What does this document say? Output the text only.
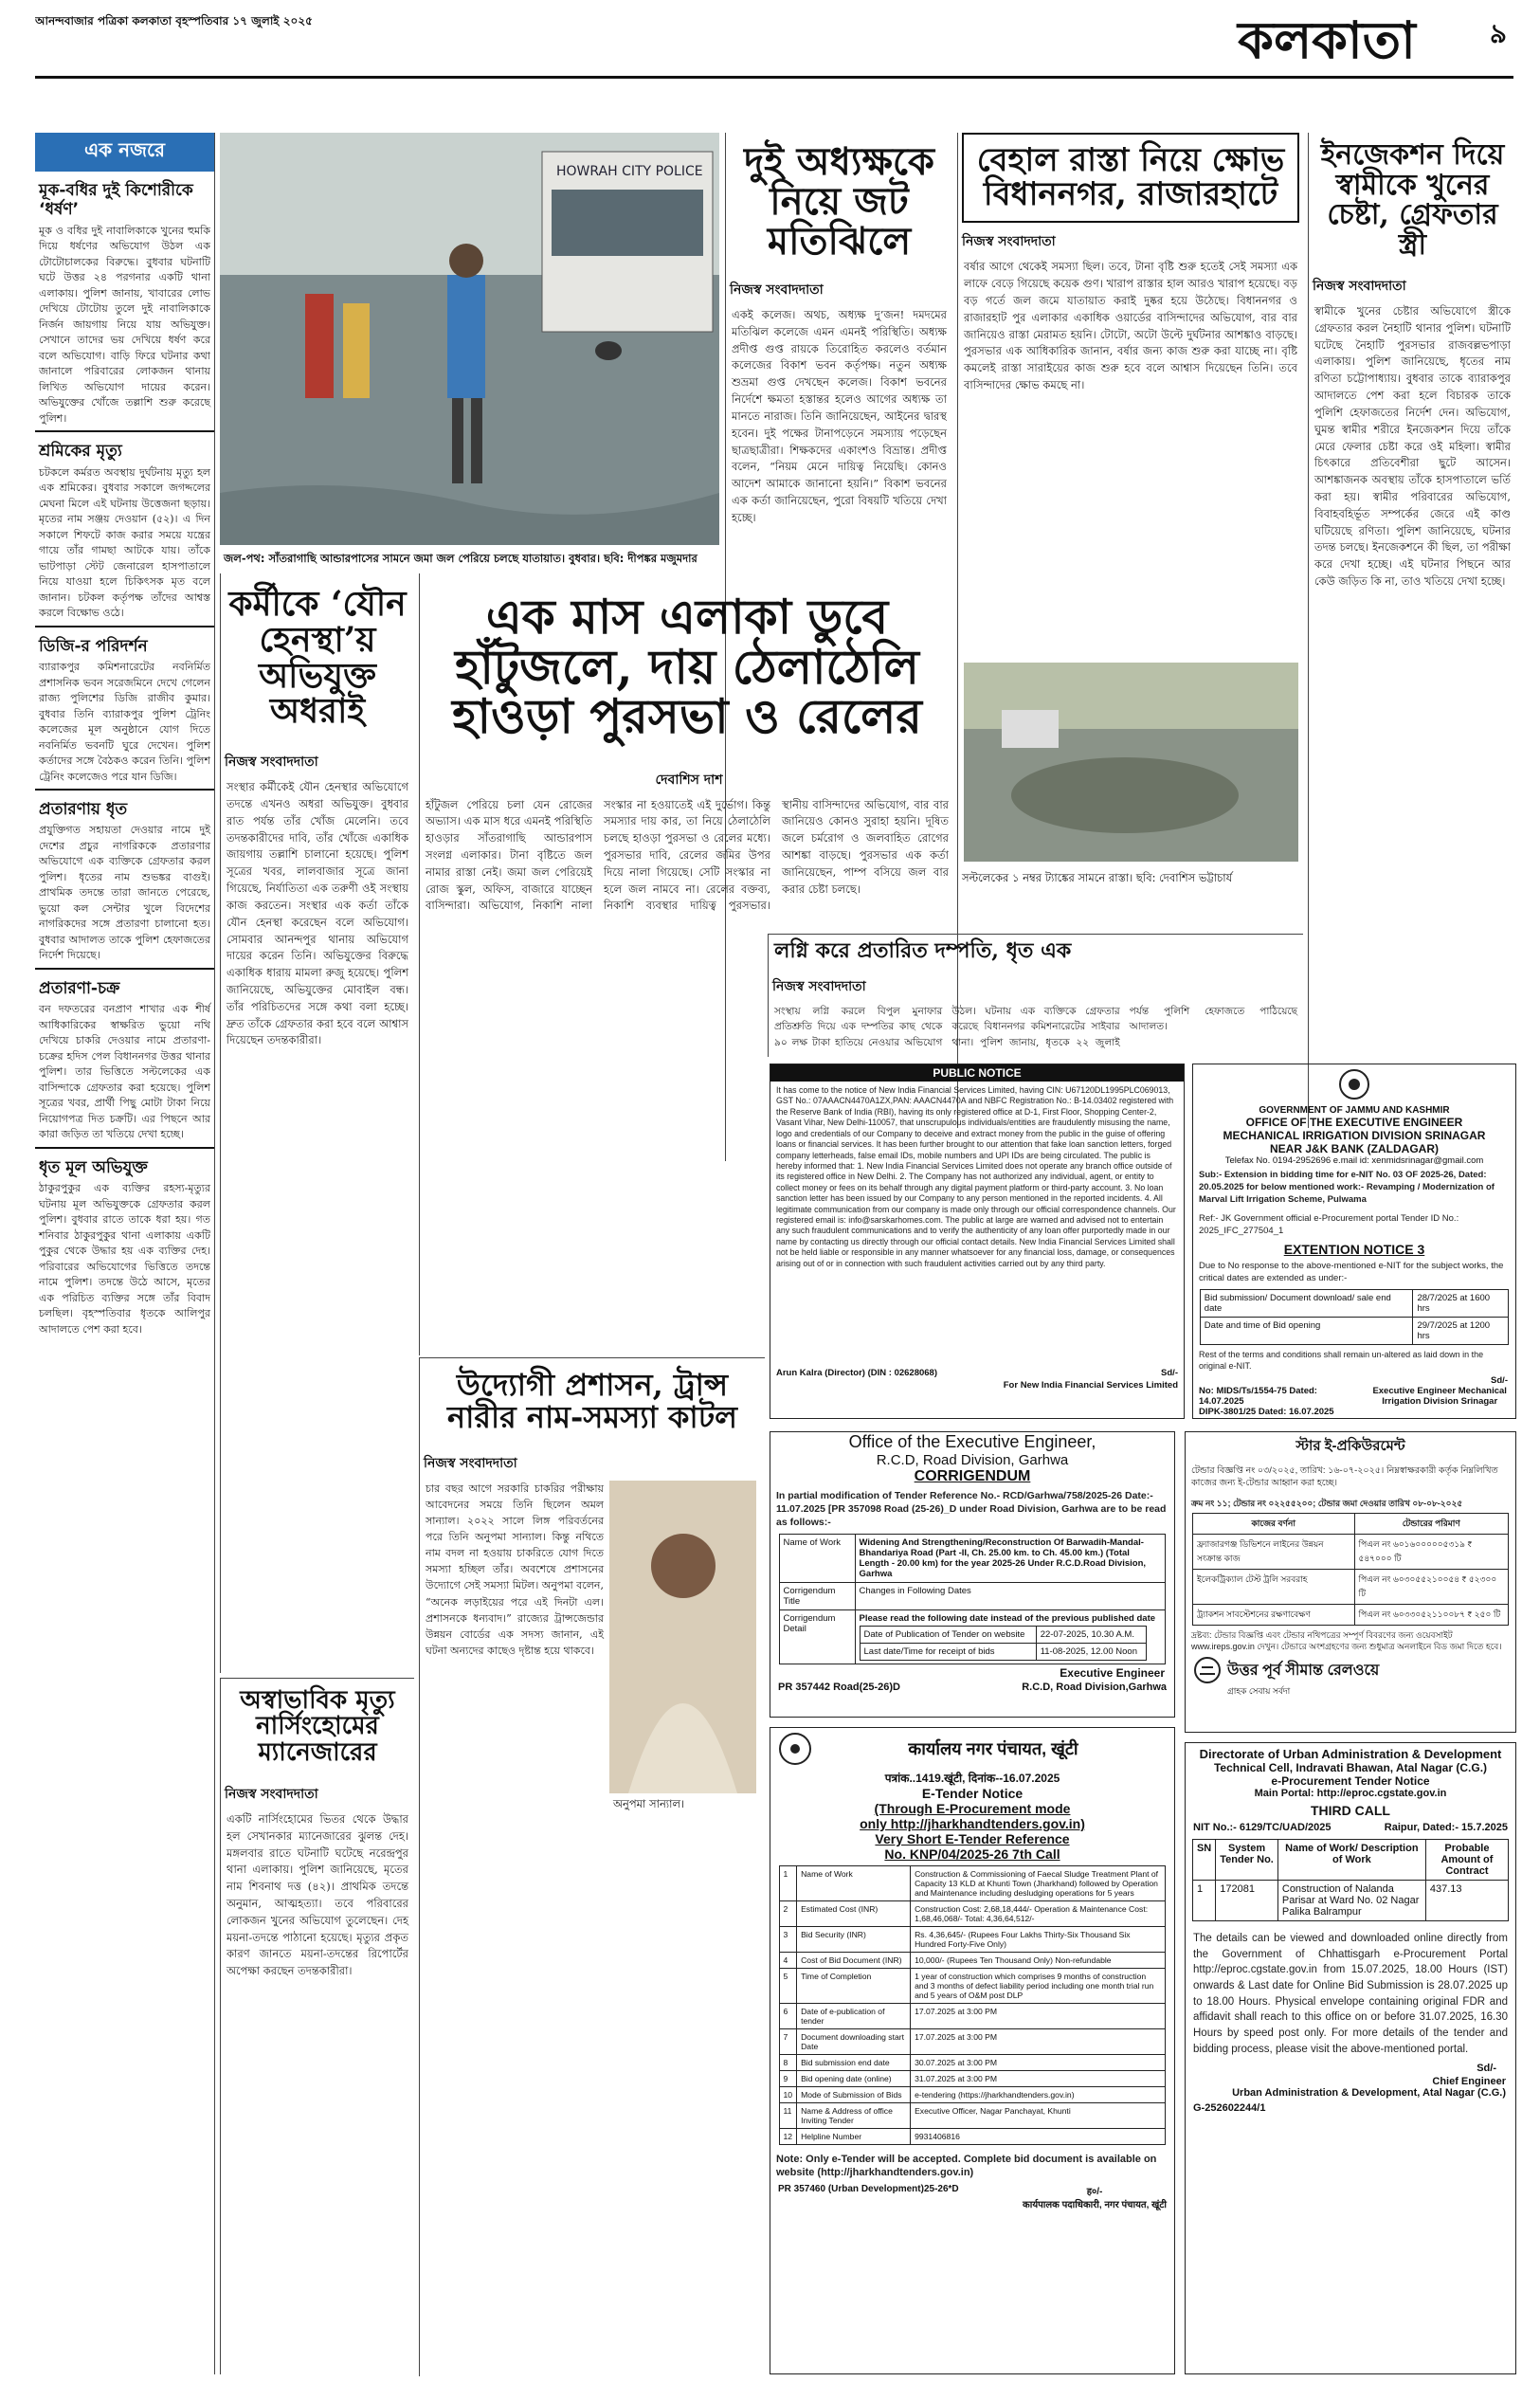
আনন্দবাজার পত্রিকা কলকাতা বৃহস্পতিবার ১৭ জুলাই ২০২৫	কলকাতা	৯
এক নজরে
মূক-বধির দুই কিশোরীকে ‘ধর্ষণ’
মূক ও বধির দুই নাবালিকাকে খুনের হুমকি দিয়ে ধর্ষণের অভিযোগ উঠল এক টোটোচালকের বিরুদ্ধে। বুধবার ঘটনাটি ঘটে উত্তর ২৪ পরগনার একটি থানা এলাকায়। পুলিশ জানায়, খাবারের লোভ দেখিয়ে টোটোয় তুলে দুই নাবালিকাকে নির্জন জায়গায় নিয়ে যায় অভিযুক্ত। সেখানে তাদের ভয় দেখিয়ে ধর্ষণ করে বলে অভিযোগ। বাড়ি ফিরে ঘটনার কথা জানালে পরিবারের লোকজন থানায় লিখিত অভিযোগ দায়ের করেন। অভিযুক্তের খোঁজে তল্লাশি শুরু করেছে পুলিশ।
শ্রমিকের মৃত্যু
চটকলে কর্মরত অবস্থায় দুর্ঘটনায় মৃত্যু হল এক শ্রমিকের। বুধবার সকালে জগদ্দলের মেঘনা মিলে এই ঘটনায় উত্তেজনা ছড়ায়। মৃতের নাম সঞ্জয় দেওয়ান (৫২)। এ দিন সকালে শিফটে কাজ করার সময়ে যন্ত্রের গায়ে তাঁর গামছা আটকে যায়। তাঁকে ভাটপাড়া স্টেট জেনারেল হাসপাতালে নিয়ে যাওয়া হলে চিকিৎসক মৃত বলে জানান। চটকল কর্তৃপক্ষ তাঁদের আশ্বস্ত করলে বিক্ষোভ ওঠে।
ডিজি-র পরিদর্শন
ব্যারাকপুর কমিশনারেটের নবনির্মিত প্রশাসনিক ভবন সরেজমিনে দেখে গেলেন রাজ্য পুলিশের ডিজি রাজীব কুমার। বুধবার তিনি ব্যারাকপুর পুলিশ ট্রেনিং কলেজের মূল অনুষ্ঠানে যোগ দিতে নবনির্মিত ভবনটি ঘুরে দেখেন। পুলিশ কর্তাদের সঙ্গে বৈঠকও করেন তিনি। পুলিশ ট্রেনিং কলেজেও পরে যান ডিজি।
প্রতারণায় ধৃত
প্রযুক্তিগত সহায়তা দেওয়ার নামে দুই দেশের প্রচুর নাগরিককে প্রতারণার অভিযোগে এক ব্যক্তিকে গ্রেফতার করল পুলিশ। ধৃতের নাম শুভঙ্কর বাগুই। প্রাথমিক তদন্তে তারা জানতে পেরেছে, ভুয়ো কল সেন্টার খুলে বিদেশের নাগরিকদের সঙ্গে প্রতারণা চালানো হত। বুধবার আদালত তাকে পুলিশ হেফাজতের নির্দেশ দিয়েছে।
প্রতারণা-চক্র
বন দফতরের বনপ্রাণ শাখার এক শীর্ষ আধিকারিকের স্বাক্ষরিত ভুয়ো নথি দেখিয়ে চাকরি দেওয়ার নামে প্রতারণা-চক্রের হদিস পেল বিধাননগর উত্তর থানার পুলিশ। তার ভিত্তিতে সল্টলেকের এক বাসিন্দাকে গ্রেফতার করা হয়েছে। পুলিশ সূত্রের খবর, প্রার্থী পিছু মোটা টাকা নিয়ে নিয়োগপত্র দিত চক্রটি। এর পিছনে আর কারা জড়িত তা খতিয়ে দেখা হচ্ছে।
ধৃত মূল অভিযুক্ত
ঠাকুরপুকুর এক ব্যক্তির রহস্য-মৃত্যুর ঘটনায় মূল অভিযুক্তকে গ্রেফতার করল পুলিশ। বুধবার রাতে তাকে ধরা হয়। গত শনিবার ঠাকুরপুকুর থানা এলাকায় একটি পুকুর থেকে উদ্ধার হয় এক ব্যক্তির দেহ। পরিবারের অভিযোগের ভিত্তিতে তদন্তে নামে পুলিশ। তদন্তে উঠে আসে, মৃতের এক পরিচিত ব্যক্তির সঙ্গে তাঁর বিবাদ চলছিল। বৃহস্পতিবার ধৃতকে আলিপুর আদালতে পেশ করা হবে।
HOWRAH CITY POLICE
জল-পথ: সাঁতরাগাছি আন্ডারপাসের সামনে জমা জল পেরিয়ে চলছে যাতায়াত। বুধবার। ছবি: দীপঙ্কর মজুমদার
দুই অধ্যক্ষকে নিয়ে জট মতিঝিলে
নিজস্ব সংবাদদাতা
একই কলেজ। অথচ, অধ্যক্ষ দু’জন! দমদমের মতিঝিল কলেজে এমন এমনই পরিস্থিতি। অধ্যক্ষ প্রদীপ্ত গুপ্ত রায়কে তিরোহিত করলেও বর্তমান কলেজের বিকাশ ভবন কর্তৃপক্ষ। নতুন অধ্যক্ষ শুভ্রমা গুপ্ত দেখছেন কলেজ। বিকাশ ভবনের নির্দেশে ক্ষমতা হস্তান্তর হলেও আগের অধ্যক্ষ তা মানতে নারাজ। তিনি জানিয়েছেন, আইনের দ্বারস্থ হবেন। দুই পক্ষের টানাপড়েনে সমস্যায় পড়েছেন ছাত্রছাত্রীরা। শিক্ষকদের একাংশও বিভ্রান্ত। প্রদীপ্ত বলেন, “নিয়ম মেনে দায়িত্ব নিয়েছি। কোনও আদেশ আমাকে জানানো হয়নি।” বিকাশ ভবনের এক কর্তা জানিয়েছেন, পুরো বিষয়টি খতিয়ে দেখা হচ্ছে।
বেহাল রাস্তা নিয়ে ক্ষোভ বিধাননগর, রাজারহাটে
নিজস্ব সংবাদদাতা
বর্ষার আগে থেকেই সমস্যা ছিল। তবে, টানা বৃষ্টি শুরু হতেই সেই সমস্যা এক লাফে বেড়ে গিয়েছে কয়েক গুণ। খারাপ রাস্তার হাল আরও খারাপ হয়েছে। বড় বড় গর্তে জল জমে যাতায়াত করাই দুষ্কর হয়ে উঠেছে। বিধাননগর ও রাজারহাট পুর এলাকার একাধিক ওয়ার্ডের বাসিন্দাদের অভিযোগ, বার বার জানিয়েও রাস্তা মেরামত হয়নি। টোটো, অটো উল্টে দুর্ঘটনার আশঙ্কাও বাড়ছে। পুরসভার এক আধিকারিক জানান, বর্ষার জন্য কাজ শুরু করা যাচ্ছে না। বৃষ্টি কমলেই রাস্তা সারাইয়ের কাজ শুরু হবে বলে আশ্বাস দিয়েছেন তিনি। তবে বাসিন্দাদের ক্ষোভ কমছে না।
সল্টলেকের ১ নম্বর ট্যাঙ্কের সামনে রাস্তা। ছবি: দেবাশিস ভট্টাচার্য
ইনজেকশন দিয়ে স্বামীকে খুনের চেষ্টা, গ্রেফতার স্ত্রী
নিজস্ব সংবাদদাতা
স্বামীকে খুনের চেষ্টার অভিযোগে স্ত্রীকে গ্রেফতার করল নৈহাটি থানার পুলিশ। ঘটনাটি ঘটেছে নৈহাটি পুরসভার রাজবল্লভপাড়া এলাকায়। পুলিশ জানিয়েছে, ধৃতের নাম রণিতা চট্টোপাধ্যায়। বুধবার তাকে ব্যারাকপুর আদালতে পেশ করা হলে বিচারক তাকে পুলিশি হেফাজতের নির্দেশ দেন। অভিযোগ, ঘুমন্ত স্বামীর শরীরে ইনজেকশন দিয়ে তাঁকে মেরে ফেলার চেষ্টা করে ওই মহিলা। স্বামীর চিৎকারে প্রতিবেশীরা ছুটে আসেন। আশঙ্কাজনক অবস্থায় তাঁকে হাসপাতালে ভর্তি করা হয়। স্বামীর পরিবারের অভিযোগ, বিবাহবহির্ভূত সম্পর্কের জেরে এই কাণ্ড ঘটিয়েছে রণিতা। পুলিশ জানিয়েছে, ঘটনার তদন্ত চলছে। ইনজেকশনে কী ছিল, তা পরীক্ষা করে দেখা হচ্ছে। এই ঘটনার পিছনে আর কেউ জড়িত কি না, তাও খতিয়ে দেখা হচ্ছে।
কর্মীকে ‘যৌন হেনস্থা’য় অভিযুক্ত অধরাই
নিজস্ব সংবাদদাতা
সংস্থার কর্মীকেই যৌন হেনস্থার অভিযোগে তদন্তে এখনও অধরা অভিযুক্ত। বুধবার রাত পর্যন্ত তাঁর খোঁজ মেলেনি। তবে তদন্তকারীদের দাবি, তাঁর খোঁজে একাধিক জায়গায় তল্লাশি চালানো হয়েছে। পুলিশ সূত্রের খবর, লালবাজার সূত্রে জানা গিয়েছে, নির্যাতিতা এক তরুণী ওই সংস্থায় কাজ করতেন। সংস্থার এক কর্তা তাঁকে যৌন হেনস্থা করেছেন বলে অভিযোগ। সোমবার আনন্দপুর থানায় অভিযোগ দায়ের করেন তিনি। অভিযুক্তের বিরুদ্ধে একাধিক ধারায় মামলা রুজু হয়েছে। পুলিশ জানিয়েছে, অভিযুক্তের মোবাইল বন্ধ। তাঁর পরিচিতদের সঙ্গে কথা বলা হচ্ছে। দ্রুত তাঁকে গ্রেফতার করা হবে বলে আশ্বাস দিয়েছেন তদন্তকারীরা।
এক মাস এলাকা ডুবে হাঁটুজলে, দায় ঠেলাঠেলি হাওড়া পুরসভা ও রেলের
দেবাশিস দাশ
হাঁটুজল পেরিয়ে চলা যেন রোজের অভ্যাস। এক মাস ধরে এমনই পরিস্থিতি হাওড়ার সাঁতরাগাছি আন্ডারপাস সংলগ্ন এলাকার। টানা বৃষ্টিতে জল নামার রাস্তা নেই। জমা জল পেরিয়েই রোজ স্কুল, অফিস, বাজারে যাচ্ছেন বাসিন্দারা। অভিযোগ, নিকাশি নালা সংস্কার না হওয়াতেই এই দুর্ভোগ। কিন্তু সমস্যার দায় কার, তা নিয়ে ঠেলাঠেলি চলছে হাওড়া পুরসভা ও রেলের মধ্যে। পুরসভার দাবি, রেলের জমির উপর দিয়ে নালা গিয়েছে। সেটি সংস্কার না হলে জল নামবে না। রেলের বক্তব্য, নিকাশি ব্যবস্থার দায়িত্ব পুরসভার। স্থানীয় বাসিন্দাদের অভিযোগ, বার বার জানিয়েও কোনও সুরাহা হয়নি। দূষিত জলে চর্মরোগ ও জলবাহিত রোগের আশঙ্কা বাড়ছে। পুরসভার এক কর্তা জানিয়েছেন, পাম্প বসিয়ে জল বার করার চেষ্টা চলছে।
লগ্নি করে প্রতারিত দম্পতি, ধৃত এক
নিজস্ব সংবাদদাতা
সংস্থায় লগ্নি করলে বিপুল মুনাফার প্রতিশ্রুতি দিয়ে এক দম্পতির কাছ থেকে ৯০ লক্ষ টাকা হাতিয়ে নেওয়ার অভিযোগ উঠল। ঘটনায় এক ব্যক্তিকে গ্রেফতার করেছে বিধাননগর কমিশনারেটের সাইবার থানা। পুলিশ জানায়, ধৃতকে ২২ জুলাই পর্যন্ত পুলিশি হেফাজতে পাঠিয়েছে আদালত।
উদ্যোগী প্রশাসন, ট্রান্স নারীর নাম-সমস্যা কাটল
নিজস্ব সংবাদদাতা
চার বছর আগে সরকারি চাকরির পরীক্ষায় আবেদনের সময়ে তিনি ছিলেন অমল সান্যাল। ২০২২ সালে লিঙ্গ পরিবর্তনের পরে তিনি অনুপমা সান্যাল। কিন্তু নথিতে নাম বদল না হওয়ায় চাকরিতে যোগ দিতে সমস্যা হচ্ছিল তাঁর। অবশেষে প্রশাসনের উদ্যোগে সেই সমস্যা মিটল। অনুপমা বলেন, “অনেক লড়াইয়ের পরে এই দিনটা এল। প্রশাসনকে ধন্যবাদ।” রাজ্যের ট্রান্সজেন্ডার উন্নয়ন বোর্ডের এক সদস্য জানান, এই ঘটনা অন্যদের কাছেও দৃষ্টান্ত হয়ে থাকবে।
অনুপমা সান্যাল।
অস্বাভাবিক মৃত্যু নার্সিংহোমের ম্যানেজারের
নিজস্ব সংবাদদাতা
একটি নার্সিংহোমের ভিতর থেকে উদ্ধার হল সেখানকার ম্যানেজারের ঝুলন্ত দেহ। মঙ্গলবার রাতে ঘটনাটি ঘটেছে নরেন্দ্রপুর থানা এলাকায়। পুলিশ জানিয়েছে, মৃতের নাম শিবনাথ দত্ত (৪২)। প্রাথমিক তদন্তে অনুমান, আত্মহত্যা। তবে পরিবারের লোকজন খুনের অভিযোগ তুলেছেন। দেহ ময়না-তদন্তে পাঠানো হয়েছে। মৃত্যুর প্রকৃত কারণ জানতে ময়না-তদন্তের রিপোর্টের অপেক্ষা করছেন তদন্তকারীরা।
PUBLIC NOTICE
It has come to the notice of New India Financial Services Limited, having CIN: U67120DL1995PLC069013, GST No.: 07AAACN4470A1ZX,PAN: AAACN4470A and NBFC Registration No.: B-14.03402 registered with the Reserve Bank of India (RBI), having its only registered office at D-1, First Floor, Shopping Center-2, Vasant Vihar, New Delhi-110057, that unscrupulous individuals/entities are fraudulently misusing the name, logo and credentials of our Company to deceive and extract money from the public in the guise of offering loans or financial services. It has been further brought to our attention that fake loan sanction letters, forged company letterheads, false email IDs, mobile numbers and UPI IDs are being circulated. The public is hereby informed that: 1. New India Financial Services Limited does not operate any branch office outside of its registered office in New Delhi. 2. The Company has not authorized any individual, agent, or entity to collect money or fees on its behalf through any digital payment platform or third-party account. 3. No loan sanction letter has been issued by our Company to any person mentioned in the reported incidents. 4. All legitimate communication from our company is made only through our official correspondence channels. Our registered email is: info@sarskarhomes.com. The public at large are warned and advised not to entertain any such fraudulent communications and to verify the authenticity of any loan offer purportedly made in our name by contacting us directly through our official contact details. New India Financial Services Limited shall not be held liable or responsible in any manner whatsoever for any financial loss, damage, or consequences arising out of or in connection with such fraudulent activities carried out by any third party.
Arun Kalra (Director) (DIN : 02628068)	Sd/-
For New India Financial Services Limited
GOVERNMENT OF JAMMU AND KASHMIR
OFFICE OF THE EXECUTIVE ENGINEER
MECHANICAL IRRIGATION DIVISION SRINAGAR
NEAR J&K BANK (ZALDAGAR)
Telefax No. 0194-2952696 e.mail id: xenmidsrinagar@gmail.com
Sub:- Extension in bidding time for e-NIT No. 03 OF 2025-26, Dated: 20.05.2025 for below mentioned work:- Revamping / Modernization of Marval Lift Irrigation Scheme, Pulwama
Ref:- JK Government official e-Procurement portal Tender ID No.: 2025_IFC_277504_1
EXTENTION NOTICE 3
Due to No response to the above-mentioned e-NIT for the subject works, the critical dates are extended as under:-
Bid submission/ Document download/ sale end date	28/7/2025 at 1600 hrs
Date and time of Bid opening	29/7/2025 at 1200 hrs
Rest of the terms and conditions shall remain un-altered as laid down in the original e-NIT.
Sd/-
No: MIDS/Ts/1554-75 Dated: 14.07.2025
DIPK-3801/25 Dated: 16.07.2025
Executive Engineer Mechanical Irrigation Division Srinagar
Office of the Executive Engineer,
R.C.D, Road Division, Garhwa
CORRIGENDUM
In partial modification of Tender Reference No.- RCD/Garhwa/758/2025-26 Date:- 11.07.2025 [PR 357098 Road (25-26)_D under Road Division, Garhwa are to be read as follows:-
Name of Work	Widening And Strengthening/Reconstruction Of Barwadih-Mandal-Bhandariya Road (Part -II, Ch. 25.00 km. to Ch. 45.00 km.) (Total Length - 20.00 km) for the year 2025-26 Under R.C.D.Road Division, Garhwa
Corrigendum Title	Changes in Following Dates
Corrigendum Detail	
Please read the following date instead of the previous published date
Date of Publication of Tender on website	22-07-2025, 10.30 A.M.
Last date/Time for receipt of bids	11-08-2025, 12.00 Noon
Executive Engineer
PR 357442 Road(25-26)D	R.C.D, Road Division,Garhwa
স্টার ই-প্রকিউরমেন্ট
টেন্ডার বিজ্ঞপ্তি নং ০৩/২০২৫, তারিখ: ১৬-০৭-২০২৫। নিম্নস্বাক্ষরকারী কর্তৃক নিম্নলিখিত কাজের জন্য ই-টেন্ডার আহ্বান করা হচ্ছে।
ক্রম নং ১১; টেন্ডার নং ০২২৫৫২০০; টেন্ডার জমা দেওয়ার তারিখ ০৮-০৮-২০২৫
কাজের বর্ণনা	টেন্ডারের পরিমাণ
ফ্র্যাজারগঞ্জ ডিভিশনে লাইনের উন্নয়ন সংক্রান্ত কাজ	পিএল নং ৬০১৬০০০০০৫৩১৯ ₹ ৫৪৭০০০ টি
ইলেকট্রিক্যাল টেস্ট ট্রলি সরবরাহ	পিএল নং ৬০৩০৫৫২১০০৫৪ ₹ ৫২৩০০ টি
ট্র্যাকশন সাবস্টেশনের রক্ষণাবেক্ষণ	পিএল নং ৬০৩৩০৫২১১০০৮৭ ₹ ২৫০ টি
দ্রষ্টব্য: টেন্ডার বিজ্ঞপ্তি এবং টেন্ডার নথিপত্রের সম্পূর্ণ বিবরণের জন্য ওয়েবসাইট www.ireps.gov.in দেখুন। টেন্ডারে অংশগ্রহণের জন্য শুধুমাত্র অনলাইনে বিড জমা দিতে হবে।
উত্তর পূর্ব সীমান্ত রেলওয়ে
গ্রাহক সেবায় সর্বদা
कार्यालय नगर पंचायत, खूंटी
पत्रांक..1419.खूंटी, दिनांक--16.07.2025
E-Tender Notice
(Through E-Procurement mode
only http://jharkhandtenders.gov.in)
Very Short E-Tender Reference
No. KNP/04/2025-26 7th Call

1	Name of Work	Construction & Commissioning of Faecal Sludge Treatment Plant of Capacity 13 KLD at Khunti Town (Jharkhand) followed by Operation and Maintenance including desludging operations for 5 years
2	Estimated Cost (INR)	Construction Cost: 2,68,18,444/- Operation & Maintenance Cost: 1,68,46,068/- Total: 4,36,64,512/-
3	Bid Security (INR)	Rs. 4,36,645/- (Rupees Four Lakhs Thirty-Six Thousand Six Hundred Forty-Five Only)
4	Cost of Bid Document (INR)	10,000/- (Rupees Ten Thousand Only) Non-refundable
5	Time of Completion	1 year of construction which comprises 9 months of construction and 3 months of defect liability period including one month trial run and 5 years of O&M post DLP
6	Date of e-publication of tender	17.07.2025 at 3:00 PM
7	Document downloading start Date	17.07.2025 at 3:00 PM
8	Bid submission end date	30.07.2025 at 3:00 PM
9	Bid opening date (online)	31.07.2025 at 3:00 PM
10	Mode of Submission of Bids	e-tendering (https://jharkhandtenders.gov.in)
11	Name & Address of office Inviting Tender	Executive Officer, Nagar Panchayat, Khunti
12	Helpline Number	9931406816
Note: Only e-Tender will be accepted. Complete bid document is available on website (http://jharkhandtenders.gov.in)
PR 357460 (Urban Development)25-26*D	ह०/-
कार्यपालक पदाधिकारी, नगर पंचायत, खूंटी
Directorate of Urban Administration & Development
Technical Cell, Indravati Bhawan, Atal Nagar (C.G.)
e-Procurement Tender Notice
Main Portal: http://eproc.cgstate.gov.in
THIRD CALL
NIT No.:- 6129/TC/UAD/2025	Raipur, Dated:- 15.7.2025
SN	System Tender No.	Name of Work/ Description of Work	Probable Amount of Contract
1	172081	Construction of Nalanda Parisar at Ward No. 02 Nagar Palika Balrampur	437.13
The details can be viewed and downloaded online directly from the Government of Chhattisgarh e-Procurement Portal http://eproc.cgstate.gov.in from 15.07.2025, 18.00 Hours (IST) onwards & Last date for Online Bid Submission is 28.07.2025 up to 18.00 Hours. Physical envelope containing original FDR and affidavit shall reach to this office on or before 31.07.2025, 16.30 Hours by speed post only. For more details of the tender and bidding process, please visit the above-mentioned portal.
Sd/-
Chief Engineer
Urban Administration & Development, Atal Nagar (C.G.)
G-252602244/1
